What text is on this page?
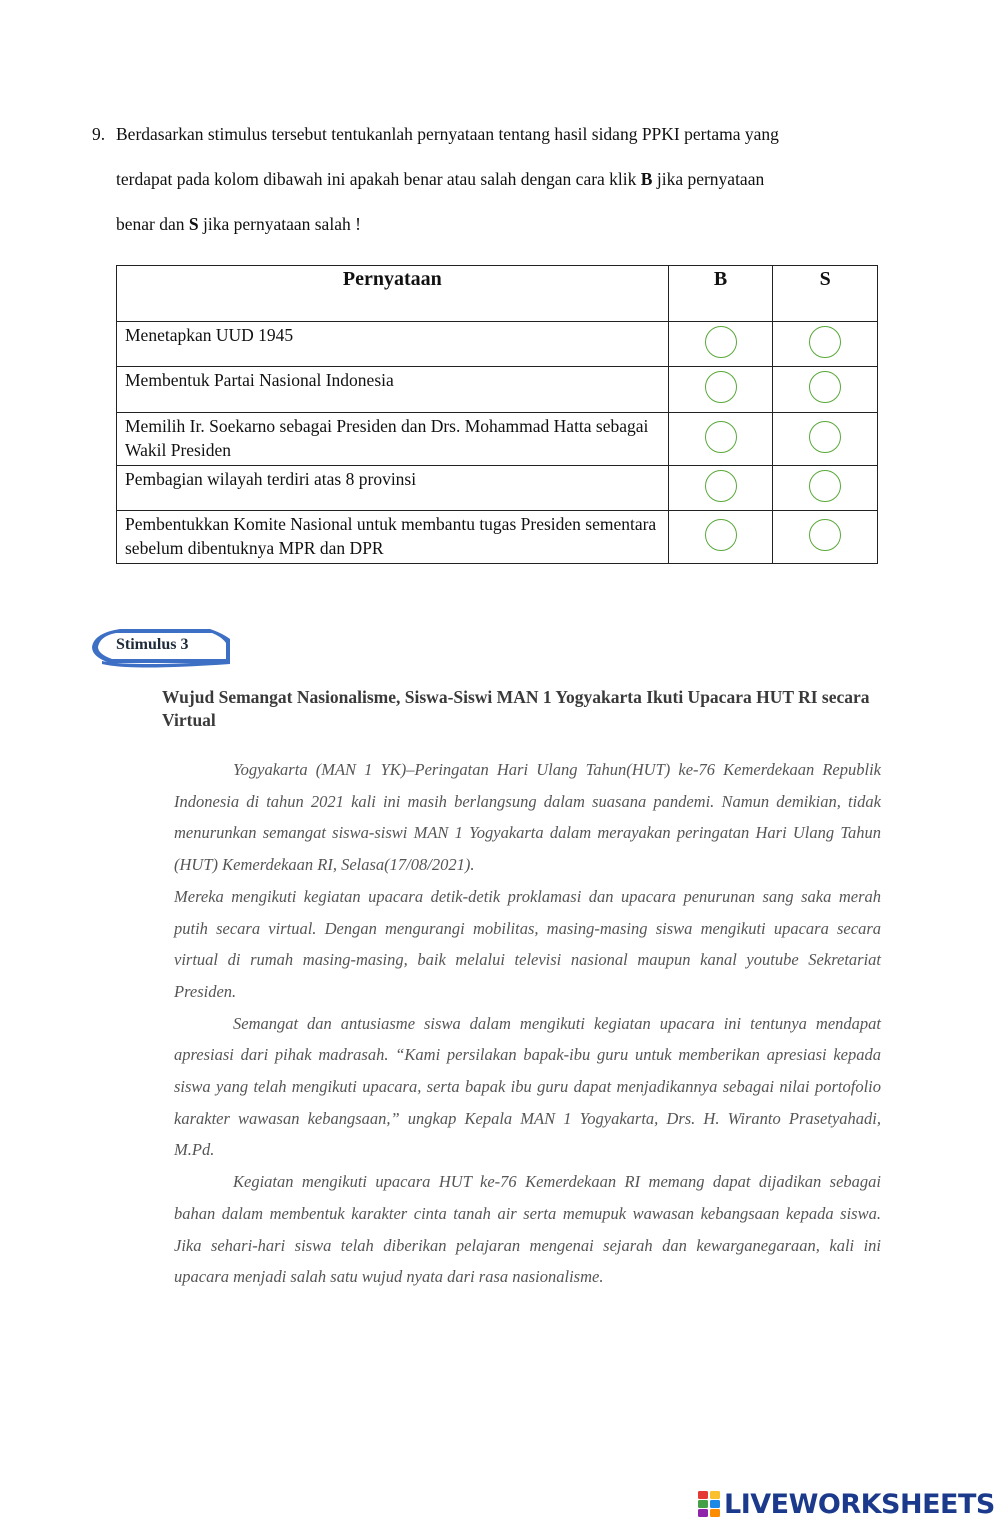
9. Berdasarkan stimulus tersebut tentukanlah pernyataan tentang hasil sidang PPKI pertama yang
terdapat pada kolom dibawah ini apakah benar atau salah dengan cara klik B jika pernyataan
benar dan S jika pernyataan salah !
Pernyataan	B	S
Menetapkan UUD 1945		
Membentuk Partai Nasional Indonesia		
Memilih Ir. Soekarno sebagai Presiden dan Drs. Mohammad Hatta sebagai Wakil Presiden		
Pembagian wilayah terdiri atas 8 provinsi		
Pembentukkan Komite Nasional untuk membantu tugas Presiden sementara sebelum dibentuknya MPR dan DPR		
Stimulus 3
Wujud Semangat Nasionalisme, Siswa-Siswi MAN 1 Yogyakarta Ikuti Upacara HUT RI secara Virtual

Yogyakarta (MAN 1 YK)–Peringatan Hari Ulang Tahun(HUT) ke-76 Kemerdekaan Republik Indonesia di tahun 2021 kali ini masih berlangsung dalam suasana pandemi. Namun demikian, tidak menurunkan semangat siswa-siswi MAN 1 Yogyakarta dalam merayakan peringatan Hari Ulang Tahun (HUT) Kemerdekaan RI, Selasa(17/08/2021).

Mereka mengikuti kegiatan upacara detik-detik proklamasi dan upacara penurunan sang saka merah putih secara virtual. Dengan mengurangi mobilitas, masing-masing siswa mengikuti upacara secara virtual di rumah masing-masing, baik melalui televisi nasional maupun kanal youtube Sekretariat Presiden.

Semangat dan antusiasme siswa dalam mengikuti kegiatan upacara ini tentunya mendapat apresiasi dari pihak madrasah. “Kami persilakan bapak-ibu guru untuk memberikan apresiasi kepada siswa yang telah mengikuti upacara, serta bapak ibu guru dapat menjadikannya sebagai nilai portofolio karakter wawasan kebangsaan,” ungkap Kepala MAN 1 Yogyakarta, Drs. H. Wiranto Prasetyahadi, M.Pd.

Kegiatan mengikuti upacara HUT ke-76 Kemerdekaan RI memang dapat dijadikan sebagai bahan dalam membentuk karakter cinta tanah air serta memupuk wawasan kebangsaan kepada siswa. Jika sehari-hari siswa telah diberikan pelajaran mengenai sejarah dan kewarganegaraan, kali ini upacara menjadi salah satu wujud nyata dari rasa nasionalisme.

LIVEWORKSHEETS
